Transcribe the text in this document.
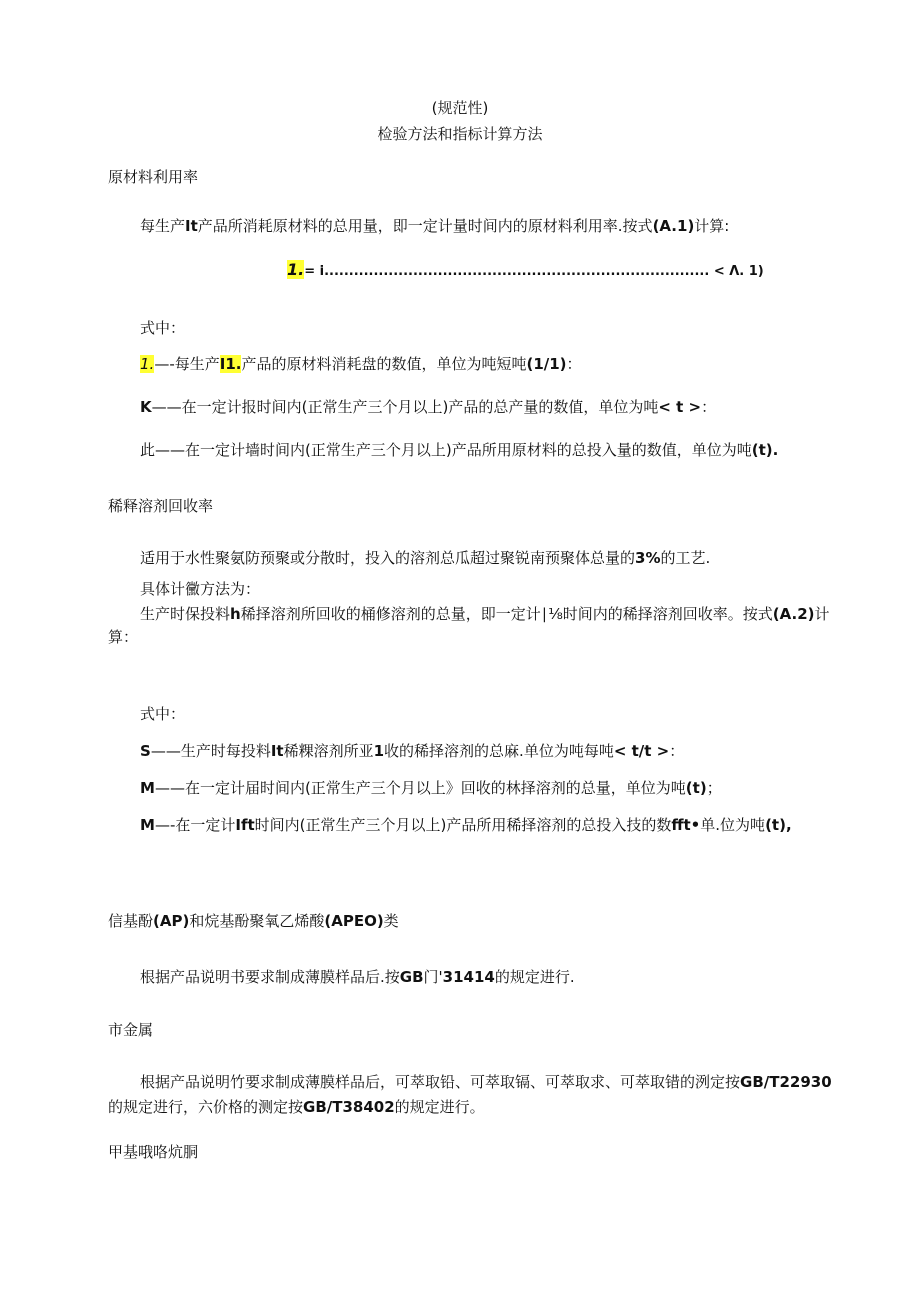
(规范性)
检验方法和指标计算方法
原材料利用率
每生产It产品所消耗原材料的总用量，即一定计量时间内的原材料利用率.按式(A.1)计算:
1.= i.............................................................................. < Λ. 1)
式中：
1.—-每生产I1.产品的原材料消耗盘的数值，单位为吨短吨(1/1)：
K——在一定计报时间内(正常生产三个月以上)产品的总产量的数值，单位为吨< t >：
此——在一定计墙时间内(正常生产三个月以上)产品所用原材料的总投入量的数值，单位为吨(t).
稀释溶剂回收率
适用于水性聚氨防预聚或分散时，投入的溶剂总瓜超过聚锐南预聚体总量的3%的工艺.
具体计黴方法为：
生产时保投料h稀择溶剂所回收的桶修溶剂的总量，即一定计∣⅛时间内的稀择溶剂回收率。按式(A.2)计
算：
式中：
S——生产时每投料It稀粿溶剂所亚1收的稀择溶剂的总麻.单位为吨每吨< t/t >：
M——在一定计届时间内(正常生产三个月以上》回收的林择溶剂的总量，单位为吨(t)；
M—-在一定计Ift时间内(正常生产三个月以上)产品所用稀择溶剂的总投入技的数fft•单.位为吨(t),
信基酚(AP)和烷基酚聚氧乙烯酸(APEO)类
根据产品说明书要求制成薄膜样品后.按GB门'31414的规定进行.
市金属
根据产品说明竹要求制成薄膜样品后，可萃取铅、可萃取镉、可萃取求、可萃取错的洌定按GB/T22930
的规定进行，六价格的测定按GB/T38402的规定进行。
甲基哦咯炕胴
